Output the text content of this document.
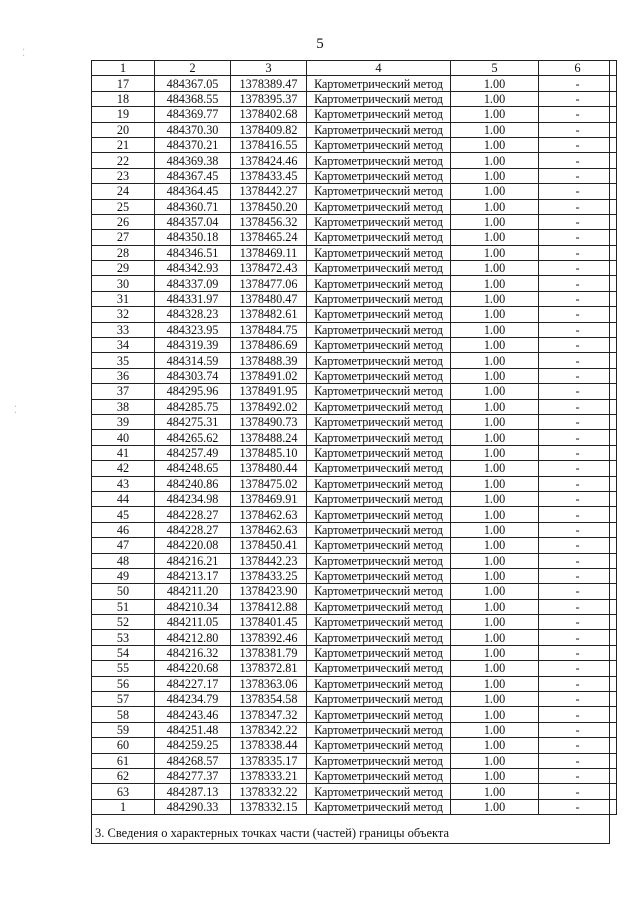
5
1	2	3	4	5	6
17	484367.05	1378389.47	Картометрический метод	1.00	-
18	484368.55	1378395.37	Картометрический метод	1.00	-
19	484369.77	1378402.68	Картометрический метод	1.00	-
20	484370.30	1378409.82	Картометрический метод	1.00	-
21	484370.21	1378416.55	Картометрический метод	1.00	-
22	484369.38	1378424.46	Картометрический метод	1.00	-
23	484367.45	1378433.45	Картометрический метод	1.00	-
24	484364.45	1378442.27	Картометрический метод	1.00	-
25	484360.71	1378450.20	Картометрический метод	1.00	-
26	484357.04	1378456.32	Картометрический метод	1.00	-
27	484350.18	1378465.24	Картометрический метод	1.00	-
28	484346.51	1378469.11	Картометрический метод	1.00	-
29	484342.93	1378472.43	Картометрический метод	1.00	-
30	484337.09	1378477.06	Картометрический метод	1.00	-
31	484331.97	1378480.47	Картометрический метод	1.00	-
32	484328.23	1378482.61	Картометрический метод	1.00	-
33	484323.95	1378484.75	Картометрический метод	1.00	-
34	484319.39	1378486.69	Картометрический метод	1.00	-
35	484314.59	1378488.39	Картометрический метод	1.00	-
36	484303.74	1378491.02	Картометрический метод	1.00	-
37	484295.96	1378491.95	Картометрический метод	1.00	-
38	484285.75	1378492.02	Картометрический метод	1.00	-
39	484275.31	1378490.73	Картометрический метод	1.00	-
40	484265.62	1378488.24	Картометрический метод	1.00	-
41	484257.49	1378485.10	Картометрический метод	1.00	-
42	484248.65	1378480.44	Картометрический метод	1.00	-
43	484240.86	1378475.02	Картометрический метод	1.00	-
44	484234.98	1378469.91	Картометрический метод	1.00	-
45	484228.27	1378462.63	Картометрический метод	1.00	-
46	484228.27	1378462.63	Картометрический метод	1.00	-
47	484220.08	1378450.41	Картометрический метод	1.00	-
48	484216.21	1378442.23	Картометрический метод	1.00	-
49	484213.17	1378433.25	Картометрический метод	1.00	-
50	484211.20	1378423.90	Картометрический метод	1.00	-
51	484210.34	1378412.88	Картометрический метод	1.00	-
52	484211.05	1378401.45	Картометрический метод	1.00	-
53	484212.80	1378392.46	Картометрический метод	1.00	-
54	484216.32	1378381.79	Картометрический метод	1.00	-
55	484220.68	1378372.81	Картометрический метод	1.00	-
56	484227.17	1378363.06	Картометрический метод	1.00	-
57	484234.79	1378354.58	Картометрический метод	1.00	-
58	484243.46	1378347.32	Картометрический метод	1.00	-
59	484251.48	1378342.22	Картометрический метод	1.00	-
60	484259.25	1378338.44	Картометрический метод	1.00	-
61	484268.57	1378335.17	Картометрический метод	1.00	-
62	484277.37	1378333.21	Картометрический метод	1.00	-
63	484287.13	1378332.22	Картометрический метод	1.00	-
1	484290.33	1378332.15	Картометрический метод	1.00	-
3. Сведения о характерных точках части (частей) границы объекта
⁚
⁚
